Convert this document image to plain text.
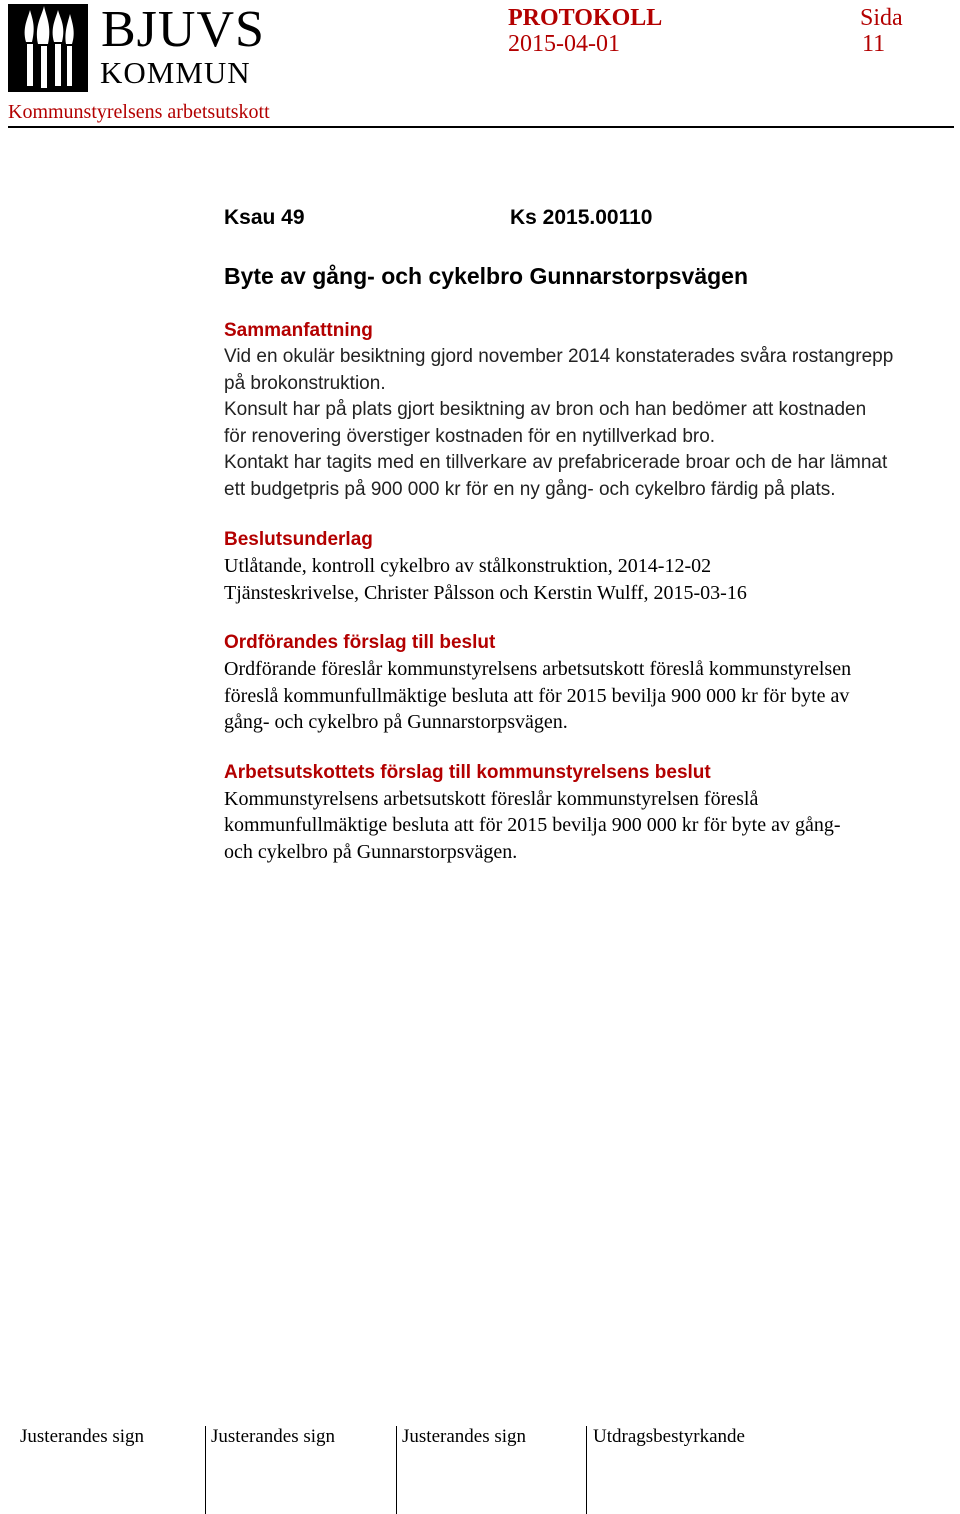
BJUVS
KOMMUN
PROTOKOLL
2015-04-01
Sida
11
Kommunstyrelsens arbetsutskott
Ksau 49	Ks 2015.00110
Byte av gång- och cykelbro Gunnarstorpsvägen
Sammanfattning
Vid en okulär besiktning gjord november 2014 konstaterades svåra rostangrepp
på brokonstruktion.
Konsult har på plats gjort besiktning av bron och han bedömer att kostnaden
för renovering överstiger kostnaden för en nytillverkad bro.
Kontakt har tagits med en tillverkare av prefabricerade broar och de har lämnat
ett budgetpris på 900 000 kr för en ny gång- och cykelbro färdig på plats.
Beslutsunderlag
Utlåtande, kontroll cykelbro av stålkonstruktion, 2014-12-02
Tjänsteskrivelse, Christer Pålsson och Kerstin Wulff, 2015-03-16
Ordförandes förslag till beslut
Ordförande föreslår kommunstyrelsens arbetsutskott föreslå kommunstyrelsen
föreslå kommunfullmäktige besluta att för 2015 bevilja 900 000 kr för byte av
gång- och cykelbro på Gunnarstorpsvägen.
Arbetsutskottets förslag till kommunstyrelsens beslut
Kommunstyrelsens arbetsutskott föreslår kommunstyrelsen föreslå
kommunfullmäktige besluta att för 2015 bevilja 900 000 kr för byte av gång-
och cykelbro på Gunnarstorpsvägen.
Justerandes sign	Justerandes sign	Justerandes sign	Utdragsbestyrkande
